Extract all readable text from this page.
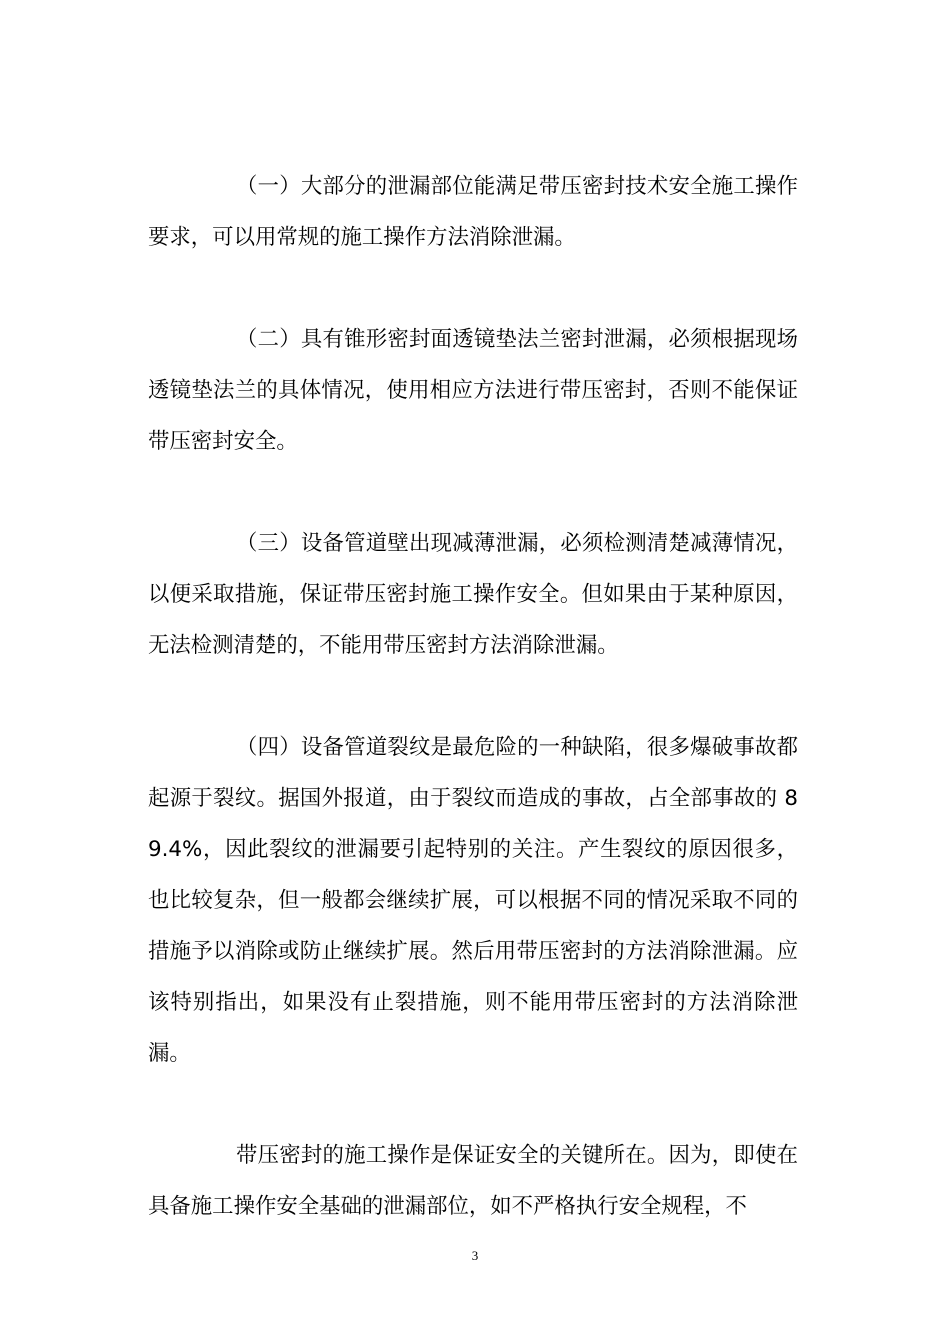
（一）大部分的泄漏部位能满足带压密封技术安全施工操作要求，可以用常规的施工操作方法消除泄漏。

（二）具有锥形密封面透镜垫法兰密封泄漏，必须根据现场透镜垫法兰的具体情况，使用相应方法进行带压密封，否则不能保证带压密封安全。

（三）设备管道壁出现减薄泄漏，必须检测清楚减薄情况，以便采取措施，保证带压密封施工操作安全。但如果由于某种原因，无法检测清楚的，不能用带压密封方法消除泄漏。

（四）设备管道裂纹是最危险的一种缺陷，很多爆破事故都起源于裂纹。据国外报道，由于裂纹而造成的事故，占全部事故的 89.4%，因此裂纹的泄漏要引起特别的关注。产生裂纹的原因很多，也比较复杂，但一般都会继续扩展，可以根据不同的情况采取不同的措施予以消除或防止继续扩展。然后用带压密封的方法消除泄漏。应该特别指出，如果没有止裂措施，则不能用带压密封的方法消除泄漏。

带压密封的施工操作是保证安全的关键所在。因为，即使在具备施工操作安全基础的泄漏部位，如不严格执行安全规程，不

3
